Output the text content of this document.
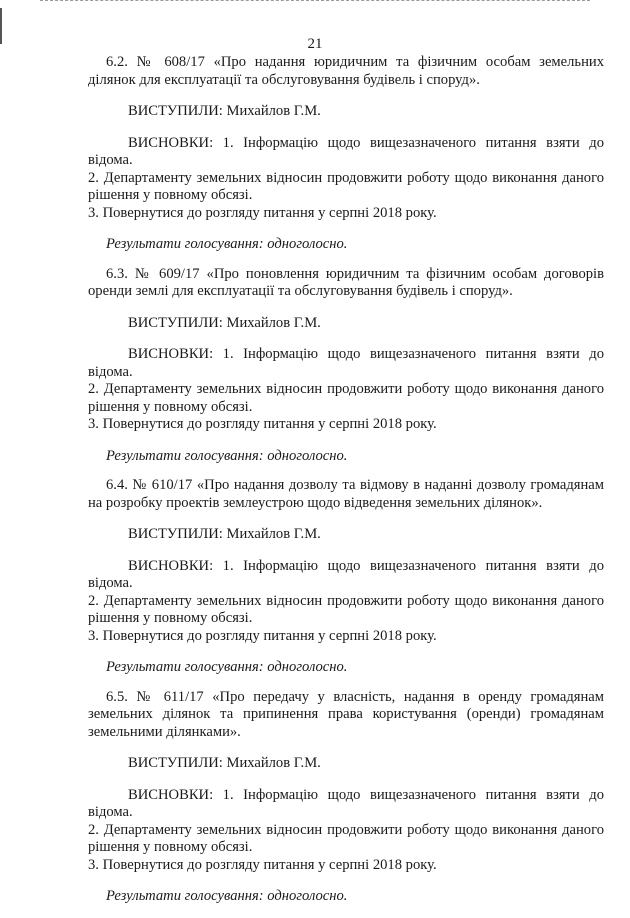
21

6.2. № 608/17 «Про надання юридичним та фізичним особам земельних ділянок для експлуатації та обслуговування будівель і споруд».

ВИСТУПИЛИ: Михайлов Г.М.

ВИСНОВКИ: 1. Інформацію щодо вищезазначеного питання взяти до відома.

2. Департаменту земельних відносин продовжити роботу щодо виконання даного рішення у повному обсязі.

3. Повернутися до розгляду питання у серпні 2018 року.

Результати голосування: одноголосно.

6.3. № 609/17 «Про поновлення юридичним та фізичним особам договорів оренди землі для експлуатації та обслуговування будівель і споруд».

ВИСТУПИЛИ: Михайлов Г.М.

ВИСНОВКИ: 1. Інформацію щодо вищезазначеного питання взяти до відома.

2. Департаменту земельних відносин продовжити роботу щодо виконання даного рішення у повному обсязі.

3. Повернутися до розгляду питання у серпні 2018 року.

Результати голосування: одноголосно.

6.4. № 610/17 «Про надання дозволу та відмову в наданні дозволу громадянам на розробку проектів землеустрою щодо відведення земельних ділянок».

ВИСТУПИЛИ: Михайлов Г.М.

ВИСНОВКИ: 1. Інформацію щодо вищезазначеного питання взяти до відома.

2. Департаменту земельних відносин продовжити роботу щодо виконання даного рішення у повному обсязі.

3. Повернутися до розгляду питання у серпні 2018 року.

Результати голосування: одноголосно.

6.5. № 611/17 «Про передачу у власність, надання в оренду громадянам земельних ділянок та припинення права користування (оренди) громадянам земельними ділянками».

ВИСТУПИЛИ: Михайлов Г.М.

ВИСНОВКИ: 1. Інформацію щодо вищезазначеного питання взяти до відома.

2. Департаменту земельних відносин продовжити роботу щодо виконання даного рішення у повному обсязі.

3. Повернутися до розгляду питання у серпні 2018 року.

Результати голосування: одноголосно.
